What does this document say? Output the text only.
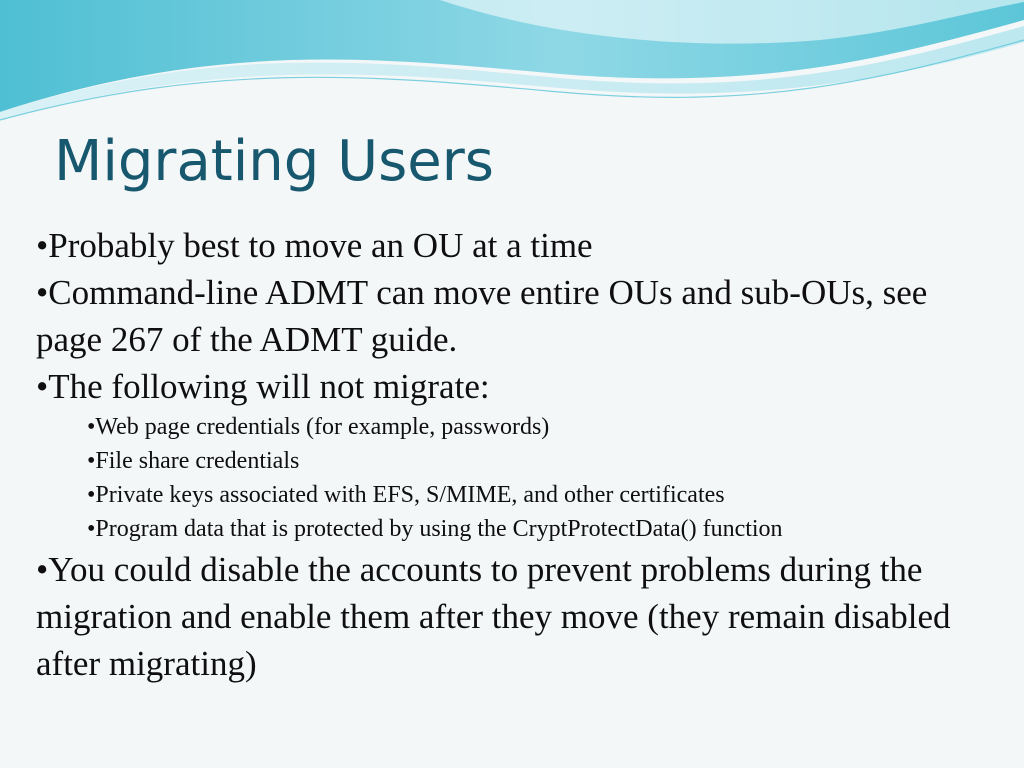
Migrating Users

•Probably best to move an OU at a time

•Command-line ADMT can move entire OUs and sub-OUs, see page 267 of the ADMT guide.

•The following will not migrate:

•Web page credentials (for example, passwords)

•File share credentials

•Private keys associated with EFS, S/MIME, and other certificates

•Program data that is protected by using the CryptProtectData() function

•You could disable the accounts to prevent problems during the migration and enable them after they move (they remain disabled after migrating)
